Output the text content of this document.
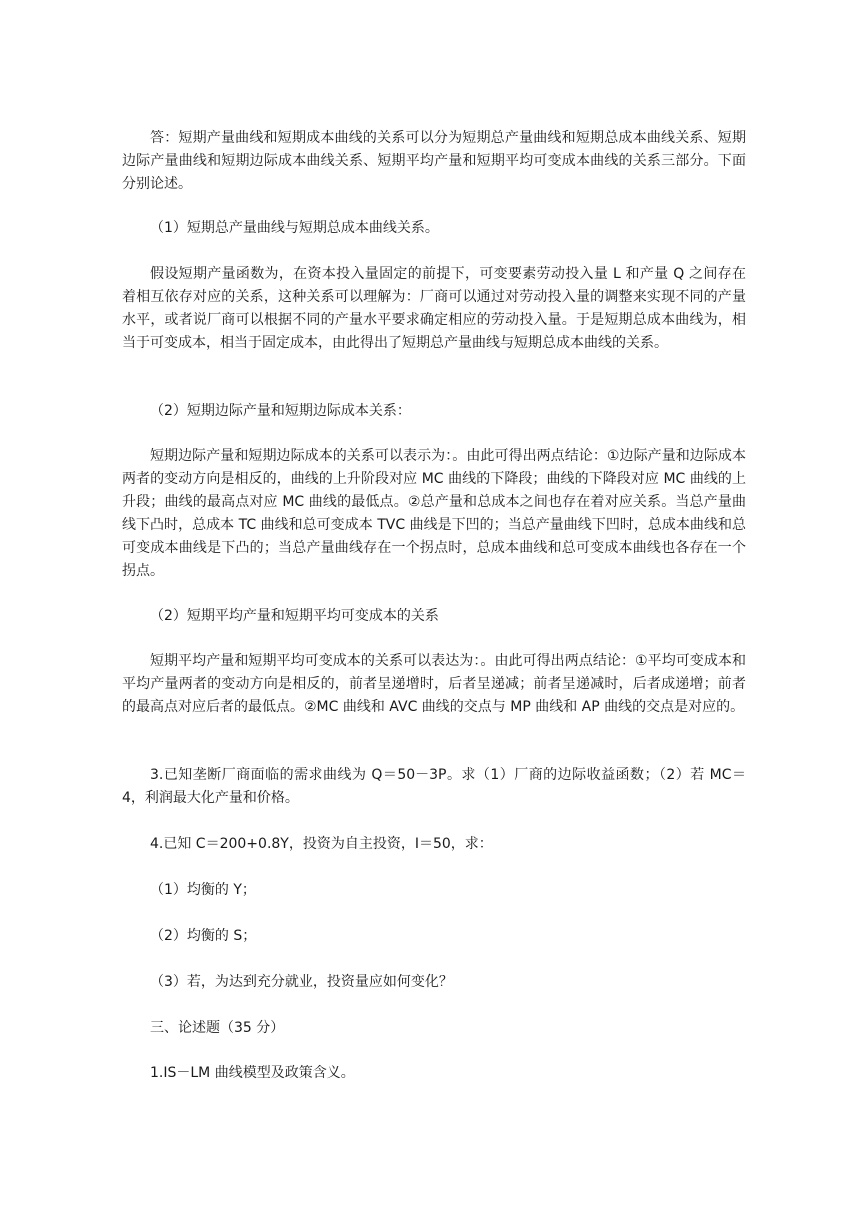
答：短期产量曲线和短期成本曲线的关系可以分为短期总产量曲线和短期总成本曲线关系、短期边际产量曲线和短期边际成本曲线关系、短期平均产量和短期平均可变成本曲线的关系三部分。下面分别论述。

（1）短期总产量曲线与短期总成本曲线关系。

假设短期产量函数为，在资本投入量固定的前提下，可变要素劳动投入量 L 和产量 Q 之间存在着相互依存对应的关系，这种关系可以理解为：厂商可以通过对劳动投入量的调整来实现不同的产量水平，或者说厂商可以根据不同的产量水平要求确定相应的劳动投入量。于是短期总成本曲线为，相当于可变成本，相当于固定成本，由此得出了短期总产量曲线与短期总成本曲线的关系。

（2）短期边际产量和短期边际成本关系：

短期边际产量和短期边际成本的关系可以表示为：。由此可得出两点结论：①边际产量和边际成本两者的变动方向是相反的，曲线的上升阶段对应 MC 曲线的下降段；曲线的下降段对应 MC 曲线的上升段；曲线的最高点对应 MC 曲线的最低点。②总产量和总成本之间也存在着对应关系。当总产量曲线下凸时，总成本 TC 曲线和总可变成本 TVC 曲线是下凹的；当总产量曲线下凹时，总成本曲线和总可变成本曲线是下凸的；当总产量曲线存在一个拐点时，总成本曲线和总可变成本曲线也各存在一个拐点。

（2）短期平均产量和短期平均可变成本的关系

短期平均产量和短期平均可变成本的关系可以表达为：。由此可得出两点结论：①平均可变成本和平均产量两者的变动方向是相反的，前者呈递增时，后者呈递减；前者呈递减时，后者成递增；前者的最高点对应后者的最低点。②MC 曲线和 AVC 曲线的交点与 MP 曲线和 AP 曲线的交点是对应的。

3.已知垄断厂商面临的需求曲线为 Q＝50－3P。求（1）厂商的边际收益函数；（2）若 MC＝4，利润最大化产量和价格。

4.已知 C＝200+0.8Y，投资为自主投资，I＝50，求：

（1）均衡的 Y；

（2）均衡的 S；

（3）若，为达到充分就业，投资量应如何变化？

三、论述题（35 分）

1.IS－LM 曲线模型及政策含义。
